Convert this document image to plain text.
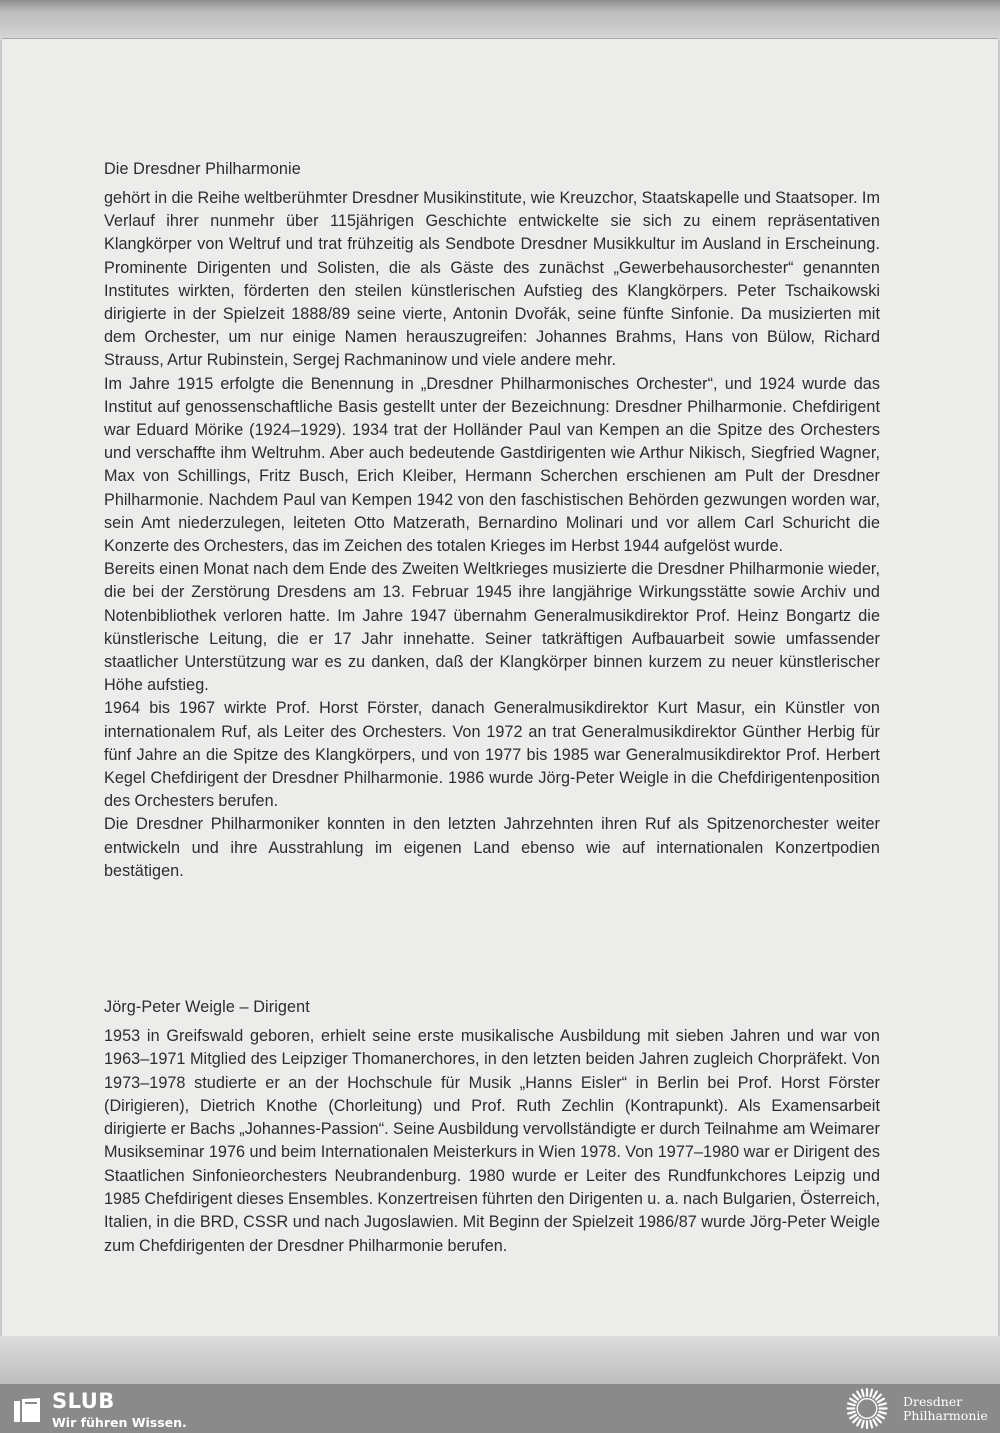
Die Dresdner Philharmonie

gehört in die Reihe weltberühmter Dresdner Musikinstitute, wie Kreuzchor, Staatskapelle und Staatsoper. Im Verlauf ihrer nunmehr über 115jährigen Geschichte entwickelte sie sich zu einem repräsentativen Klangkörper von Weltruf und trat frühzeitig als Sendbote Dresdner Musikkultur im Ausland in Erscheinung. Prominente Dirigenten und Solisten, die als Gäste des zunächst „Gewerbehausorchester“ genannten Institutes wirkten, förderten den steilen künstlerischen Aufstieg des Klangkörpers. Peter Tschaikowski dirigierte in der Spielzeit 1888/89 seine vierte, Antonin Dvořák, seine fünfte Sinfonie. Da musizierten mit dem Orchester, um nur einige Namen herauszugreifen: Johannes Brahms, Hans von Bülow, Richard Strauss, Artur Rubinstein, Sergej Rachmaninow und viele andere mehr.

Im Jahre 1915 erfolgte die Benennung in „Dresdner Philharmonisches Orchester“, und 1924 wurde das Institut auf genossenschaftliche Basis gestellt unter der Bezeichnung: Dresdner Philharmonie. Chefdirigent war Eduard Mörike (1924–1929). 1934 trat der Holländer Paul van Kempen an die Spitze des Orchesters und verschaffte ihm Weltruhm. Aber auch bedeutende Gastdirigenten wie Arthur Nikisch, Siegfried Wagner, Max von Schillings, Fritz Busch, Erich Kleiber, Hermann Scherchen erschienen am Pult der Dresdner Philharmonie. Nachdem Paul van Kempen 1942 von den faschistischen Behörden gezwungen worden war, sein Amt niederzulegen, leiteten Otto Matzerath, Bernardino Molinari und vor allem Carl Schuricht die Konzerte des Orchesters, das im Zeichen des totalen Krieges im Herbst 1944 aufgelöst wurde.

Bereits einen Monat nach dem Ende des Zweiten Weltkrieges musizierte die Dresdner Philharmonie wieder, die bei der Zerstörung Dresdens am 13. Februar 1945 ihre langjährige Wirkungsstätte sowie Archiv und Notenbibliothek verloren hatte. Im Jahre 1947 übernahm Generalmusikdirektor Prof. Heinz Bongartz die künstlerische Leitung, die er 17 Jahr innehatte. Seiner tatkräftigen Aufbauarbeit sowie umfassender staatlicher Unterstützung war es zu danken, daß der Klangkörper binnen kurzem zu neuer künstlerischer Höhe aufstieg.

1964 bis 1967 wirkte Prof. Horst Förster, danach Generalmusikdirektor Kurt Masur, ein Künstler von internationalem Ruf, als Leiter des Orchesters. Von 1972 an trat Generalmusikdirektor Günther Herbig für fünf Jahre an die Spitze des Klangkörpers, und von 1977 bis 1985 war Generalmusikdirektor Prof. Herbert Kegel Chefdirigent der Dresdner Philharmonie. 1986 wurde Jörg-Peter Weigle in die Chefdirigentenposition des Orchesters berufen.

Die Dresdner Philharmoniker konnten in den letzten Jahrzehnten ihren Ruf als Spitzenorchester weiter entwickeln und ihre Ausstrahlung im eigenen Land ebenso wie auf internationalen Konzertpodien bestätigen.

Jörg-Peter Weigle – Dirigent

1953 in Greifswald geboren, erhielt seine erste musikalische Ausbildung mit sieben Jahren und war von 1963–1971 Mitglied des Leipziger Thomanerchores, in den letzten beiden Jahren zugleich Chorpräfekt. Von 1973–1978 studierte er an der Hochschule für Musik „Hanns Eisler“ in Berlin bei Prof. Horst Förster (Dirigieren), Dietrich Knothe (Chorleitung) und Prof. Ruth Zechlin (Kontrapunkt). Als Examensarbeit dirigierte er Bachs „Johannes-Passion“. Seine Ausbildung vervollständigte er durch Teilnahme am Weimarer Musikseminar 1976 und beim Internationalen Meisterkurs in Wien 1978. Von 1977–1980 war er Dirigent des Staatlichen Sinfonieorchesters Neubrandenburg. 1980 wurde er Leiter des Rundfunkchores Leipzig und 1985 Chefdirigent dieses Ensembles. Konzertreisen führten den Dirigenten u. a. nach Bulgarien, Österreich, Italien, in die BRD, CSSR und nach Jugoslawien. Mit Beginn der Spielzeit 1986/87 wurde Jörg-Peter Weigle zum Chefdirigenten der Dresdner Philharmonie berufen.

SLUB
Wir führen Wissen.
Dresdner
Philharmonie
